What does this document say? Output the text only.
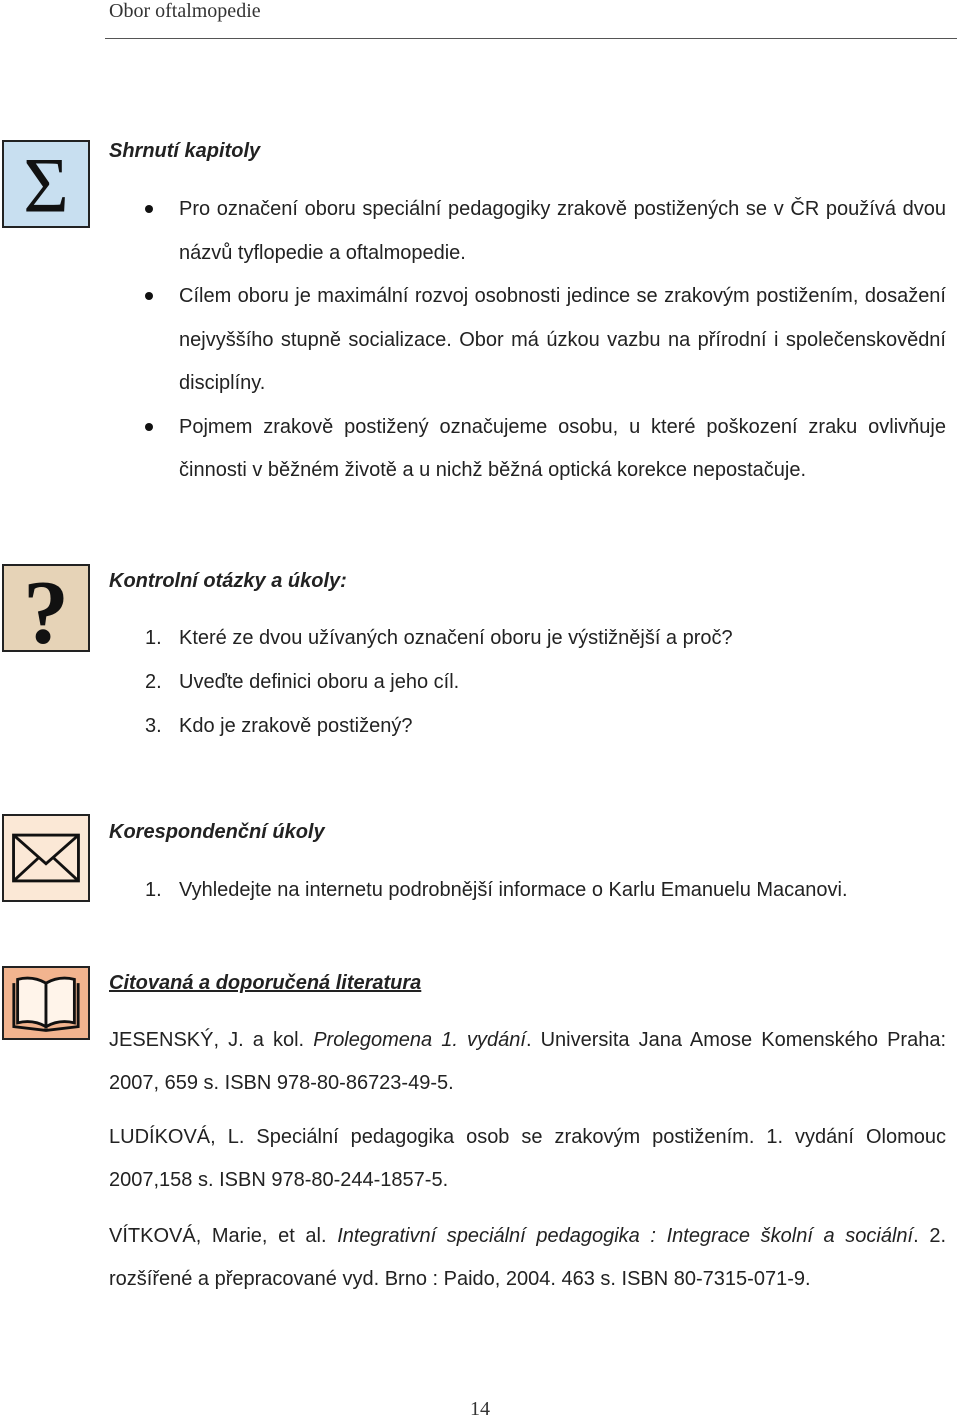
Obor oftalmopedie
Σ Shrnutí kapitoly
Pro označení oboru speciální pedagogiky zrakově postižených se v ČR používá dvou názvů tyflopedie a oftalmopedie.
Cílem oboru je maximální rozvoj osobnosti jedince se zrakovým postižením, dosažení nejvyššího stupně socializace. Obor má úzkou vazbu na přírodní i společenskovědní disciplíny.
Pojmem zrakově postižený označujeme osobu, u které poškození zraku ovlivňuje činnosti v běžném životě a u nichž běžná optická korekce nepostačuje.
? Kontrolní otázky a úkoly:
1. Které ze dvou užívaných označení oboru je výstižnější a proč?
2. Uveďte definici oboru a jeho cíl.
3. Kdo je zrakově postižený?
Korespondenční úkoly
1. Vyhledejte na internetu podrobnější informace o Karlu Emanuelu Macanovi.
Citovaná a doporučená literatura
JESENSKÝ, J. a kol. Prolegomena 1. vydání. Universita Jana Amose Komenského Praha: 2007, 659 s. ISBN 978-80-86723-49-5.
LUDÍKOVÁ, L. Speciální pedagogika osob se zrakovým postižením. 1. vydání Olomouc 2007,158 s. ISBN 978-80-244-1857-5.
VÍTKOVÁ, Marie, et al. Integrativní speciální pedagogika : Integrace školní a sociální. 2. rozšířené a přepracované vyd. Brno : Paido, 2004. 463 s. ISBN 80-7315-071-9.
14
